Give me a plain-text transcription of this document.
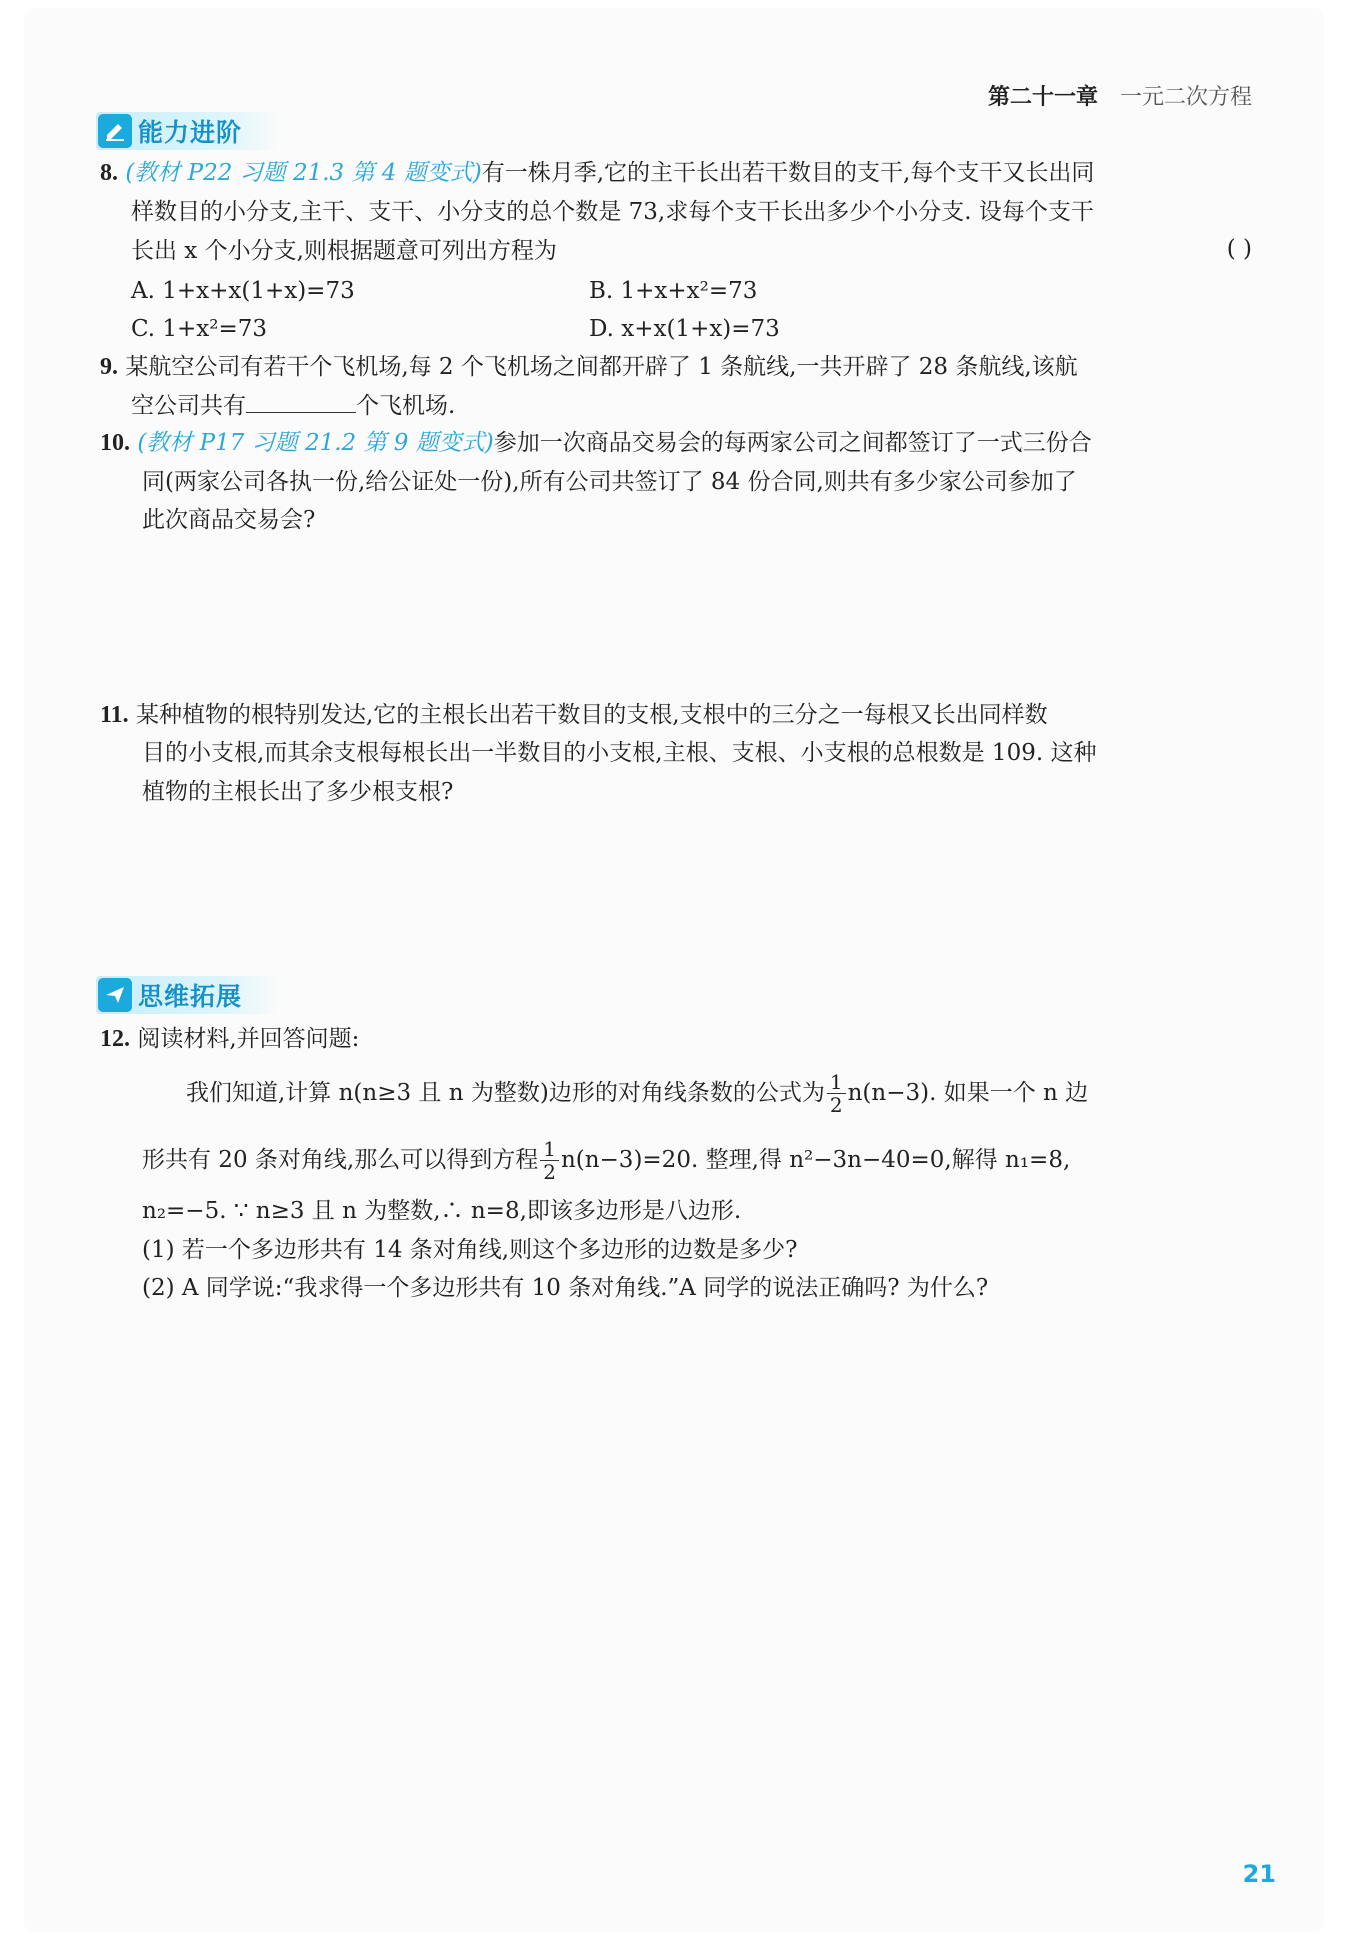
第二十一章 一元二次方程
能力进阶
8. (教材 P22 习题 21.3 第 4 题变式)有一株月季,它的主干长出若干数目的支干,每个支干又长出同
样数目的小分支,主干、支干、小分支的总个数是 73,求每个支干长出多少个小分支. 设每个支干
长出 x 个小分支,则根据题意可列出方程为	( )
A. 1+x+x(1+x)=73	B. 1+x+x²=73
C. 1+x²=73	D. x+x(1+x)=73
9. 某航空公司有若干个飞机场,每 2 个飞机场之间都开辟了 1 条航线,一共开辟了 28 条航线,该航
空公司共有	个飞机场.
10. (教材 P17 习题 21.2 第 9 题变式)参加一次商品交易会的每两家公司之间都签订了一式三份合
同(两家公司各执一份,给公证处一份),所有公司共签订了 84 份合同,则共有多少家公司参加了
此次商品交易会?
11. 某种植物的根特别发达,它的主根长出若干数目的支根,支根中的三分之一每根又长出同样数
目的小支根,而其余支根每根长出一半数目的小支根,主根、支根、小支根的总根数是 109. 这种
植物的主根长出了多少根支根?
思维拓展
12. 阅读材料,并回答问题:
我们知道,计算 n(n≥3 且 n 为整数)边形的对角线条数的公式为 $\frac{1}{2} n(n-3)$. 如果一个 n 边
形共有 20 条对角线,那么可以得到方程 $\frac{1}{2} n(n-3)=20$. 整理,得 n²−3n−40=0,解得 n₁=8,
n₂=−5. ∵ n≥3 且 n 为整数,∴ n=8,即该多边形是八边形.
(1) 若一个多边形共有 14 条对角线,则这个多边形的边数是多少?
(2) A 同学说:“我求得一个多边形共有 10 条对角线.”A 同学的说法正确吗? 为什么?
21
